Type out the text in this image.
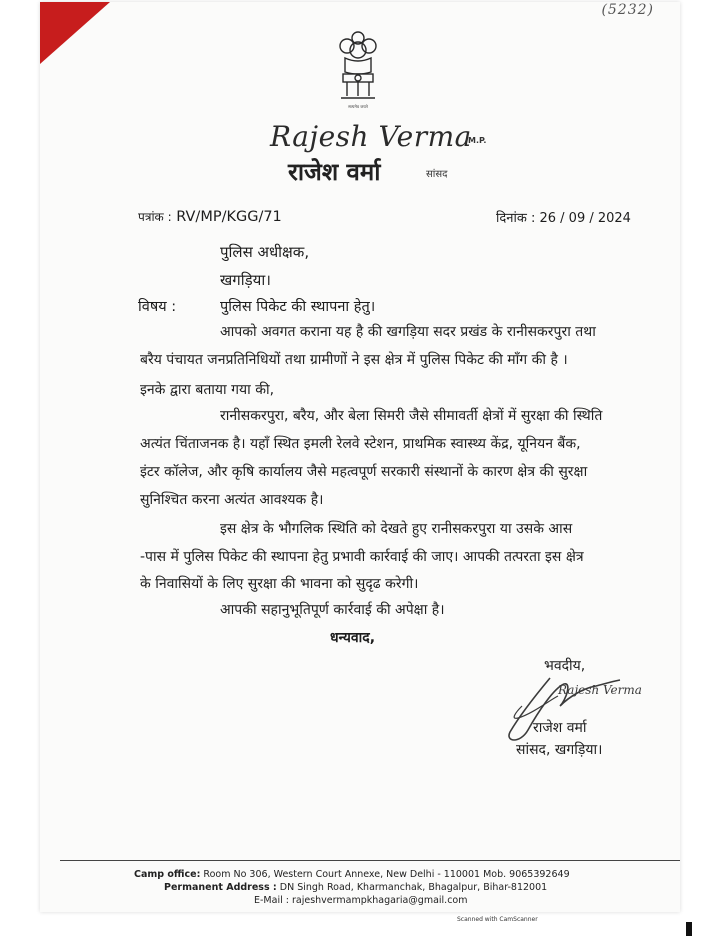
(5232)
सत्यमेव जयते
Rajesh Verma
M.P.
राजेश वर्मा	सांसद
पत्रांक : RV/MP/KGG/71	दिनांक : 26 / 09 / 2024
पुलिस अधीक्षक,
खगड़िया।
विषय :	पुलिस पिकेट की स्थापना हेतु।
आपको अवगत कराना यह है की खगड़िया सदर प्रखंड के रानीसकरपुरा तथा
बरैय पंचायत जनप्रतिनिधियों तथा ग्रामीणों ने इस क्षेत्र में पुलिस पिकेट की माँग की है ।
इनके द्वारा बताया गया की,
रानीसकरपुरा, बरैय, और बेला सिमरी जैसे सीमावर्ती क्षेत्रों में सुरक्षा की स्थिति
अत्यंत चिंताजनक है। यहाँ स्थित इमली रेलवे स्टेशन, प्राथमिक स्वास्थ्य केंद्र, यूनियन बैंक,
इंटर कॉलेज, और कृषि कार्यालय जैसे महत्वपूर्ण सरकारी संस्थानों के कारण क्षेत्र की सुरक्षा
सुनिश्चित करना अत्यंत आवश्यक है।
इस क्षेत्र के भौगलिक स्थिति को देखते हुए रानीसकरपुरा या उसके आस
-पास में पुलिस पिकेट की स्थापना हेतु प्रभावी कार्रवाई की जाए। आपकी तत्परता इस क्षेत्र
के निवासियों के लिए सुरक्षा की भावना को सुदृढ करेगी।
आपकी सहानुभूतिपूर्ण कार्रवाई की अपेक्षा है।
धन्यवाद,
भवदीय,
Rajesh Verma
राजेश वर्मा
सांसद, खगड़िया।
Camp office: Room No 306, Western Court Annexe, New Delhi - 110001 Mob. 9065392649
Permanent Address : DN Singh Road, Kharmanchak, Bhagalpur, Bihar-812001
E-Mail : rajeshvermampkhagaria@gmail.com
Scanned with CamScanner
